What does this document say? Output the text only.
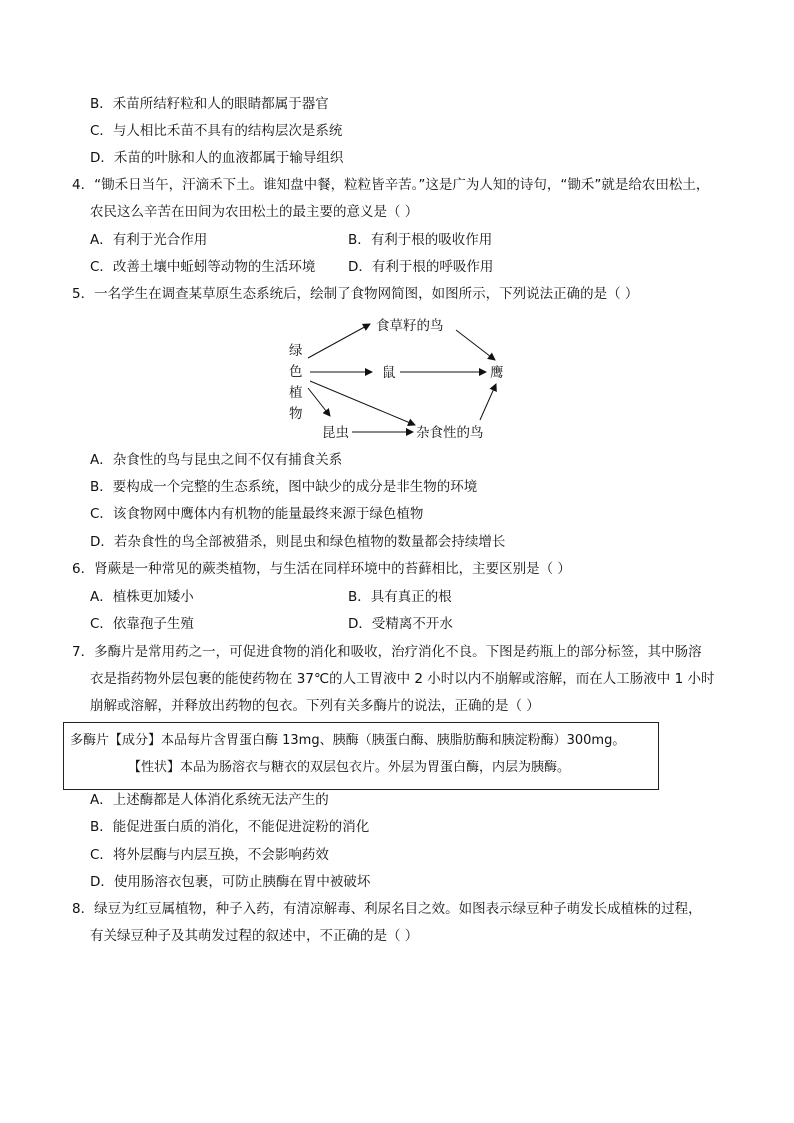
B．禾苗所结籽粒和人的眼睛都属于器官
C．与人相比禾苗不具有的结构层次是系统
D．禾苗的叶脉和人的血液都属于输导组织
4．“锄禾日当午，汗滴禾下土。谁知盘中餐，粒粒皆辛苦。”这是广为人知的诗句，“锄禾”就是给农田松土，
农民这么辛苦在田间为农田松土的最主要的意义是（ ）
A．有利于光合作用	B．有利于根的吸收作用
C．改善土壤中蚯蚓等动物的生活环境 D．有利于根的呼吸作用
5．一名学生在调查某草原生态系统后，绘制了食物网简图，如图所示，下列说法正确的是（ ）
绿
色
植
物
食草籽的鸟
鼠	鹰
昆虫	杂食性的鸟
A．杂食性的鸟与昆虫之间不仅有捕食关系
B．要构成一个完整的生态系统，图中缺少的成分是非生物的环境
C．该食物网中鹰体内有机物的能量最终来源于绿色植物
D．若杂食性的鸟全部被猎杀，则昆虫和绿色植物的数量都会持续增长
6．肾蕨是一种常见的蕨类植物，与生活在同样环境中的苔藓相比，主要区别是（ ）
A．植株更加矮小	B．具有真正的根
C．依靠孢子生殖	D．受精离不开水
7．多酶片是常用药之一，可促进食物的消化和吸收，治疗消化不良。下图是药瓶上的部分标签，其中肠溶
衣是指药物外层包裹的能使药物在 37℃的人工胃液中 2 小时以内不崩解或溶解，而在人工肠液中 1 小时
崩解或溶解，并释放出药物的包衣。下列有关多酶片的说法，正确的是（ ）
多酶片【成分】本品每片含胃蛋白酶 13mg、胰酶（胰蛋白酶、胰脂肪酶和胰淀粉酶）300mg。
【性状】本品为肠溶衣与糖衣的双层包衣片。外层为胃蛋白酶，内层为胰酶。
A．上述酶都是人体消化系统无法产生的
B．能促进蛋白质的消化，不能促进淀粉的消化
C．将外层酶与内层互换，不会影响药效
D．使用肠溶衣包裹，可防止胰酶在胃中被破坏
8．绿豆为红豆属植物，种子入药，有清凉解毒、利尿名目之效。如图表示绿豆种子萌发长成植株的过程，
有关绿豆种子及其萌发过程的叙述中，不正确的是（ ）
